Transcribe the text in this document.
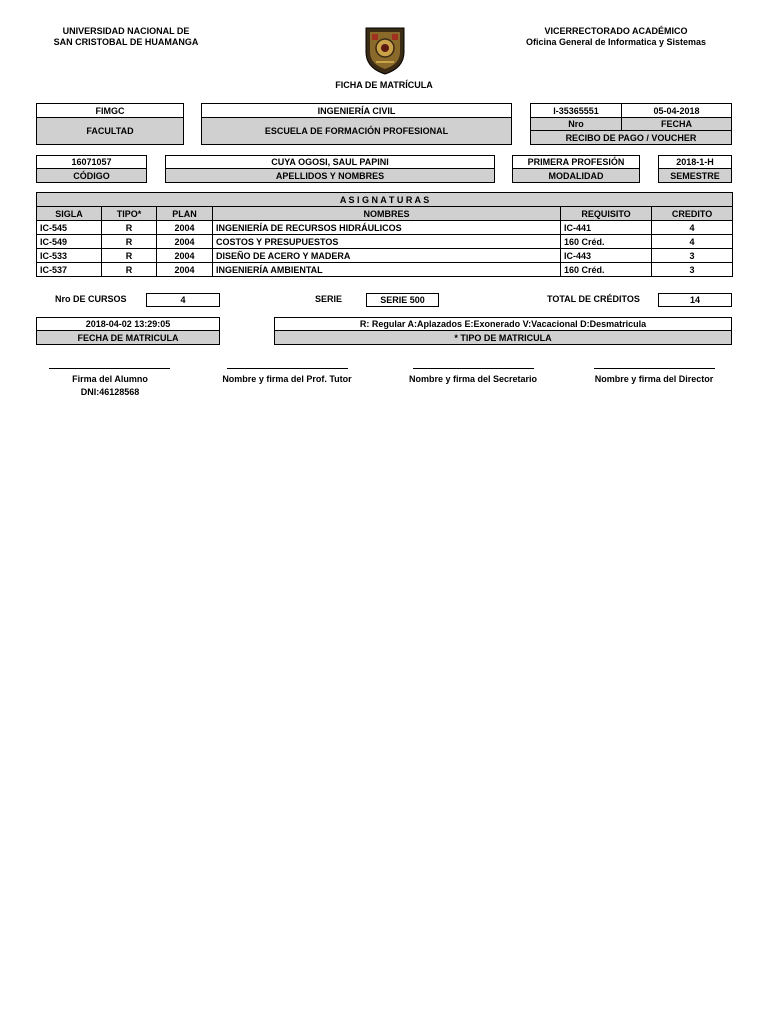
UNIVERSIDAD NACIONAL DE
SAN CRISTOBAL DE HUAMANGA
VICERRECTORADO ACADÉMICO
Oficina General de Informatica y Sistemas
FICHA DE MATRÍCULA
FIMGC
FACULTAD
INGENIERÍA CIVIL
ESCUELA DE FORMACIÓN PROFESIONAL
I-35365551	05-04-2018
Nro	FECHA
RECIBO DE PAGO / VOUCHER
16071057
CÓDIGO
CUYA OGOSI, SAUL PAPINI
APELLIDOS Y NOMBRES
PRIMERA PROFESIÓN
MODALIDAD
2018-1-H
SEMESTRE
A S I G N A T U R A S					
SIGLA	TIPO*	PLAN	NOMBRES	REQUISITO	CREDITO
IC-545	R	2004	INGENIERÍA DE RECURSOS HIDRÁULICOS	IC-441	4
IC-549	R	2004	COSTOS Y PRESUPUESTOS	160 Créd.	4
IC-533	R	2004	DISEÑO DE ACERO Y MADERA	IC-443	3
IC-537	R	2004	INGENIERÍA AMBIENTAL	160 Créd.	3
Nro DE CURSOS	4	SERIE	SERIE 500	TOTAL DE CRÉDITOS	14
2018-04-02 13:29:05
FECHA DE MATRICULA
R: Regular A:Aplazados E:Exonerado V:Vacacional D:Desmatricula
* TIPO DE MATRICULA
Firma del Alumno
DNI:46128568
Nombre y firma del Prof. Tutor	Nombre y firma del Secretario	Nombre y firma del Director
